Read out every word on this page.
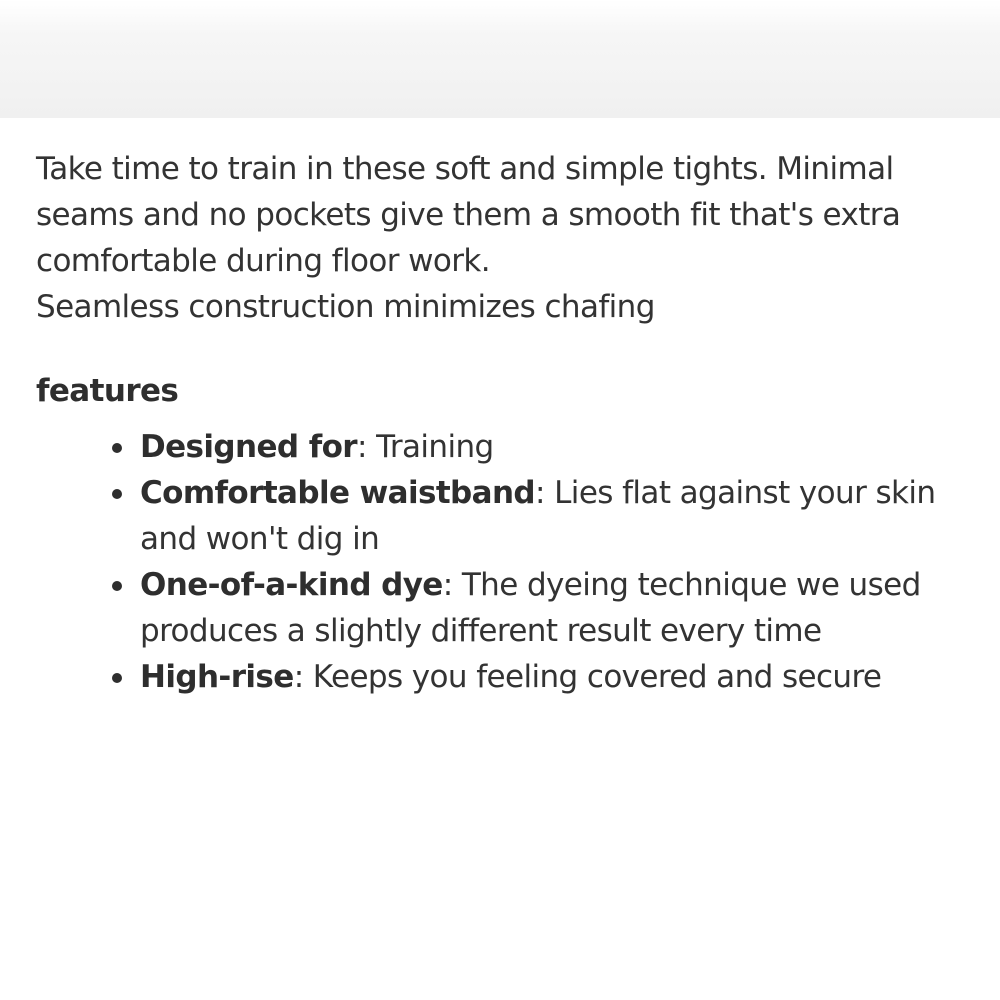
Take time to train in these soft and simple tights. Minimal seams and no pockets give them a smooth fit that's extra comfortable during floor work.
Seamless construction minimizes chafing

features
Designed for: Training
Comfortable waistband: Lies flat against your skin and won't dig in
One-of-a-kind dye: The dyeing technique we used produces a slightly different result every time
High-rise: Keeps you feeling covered and secure
